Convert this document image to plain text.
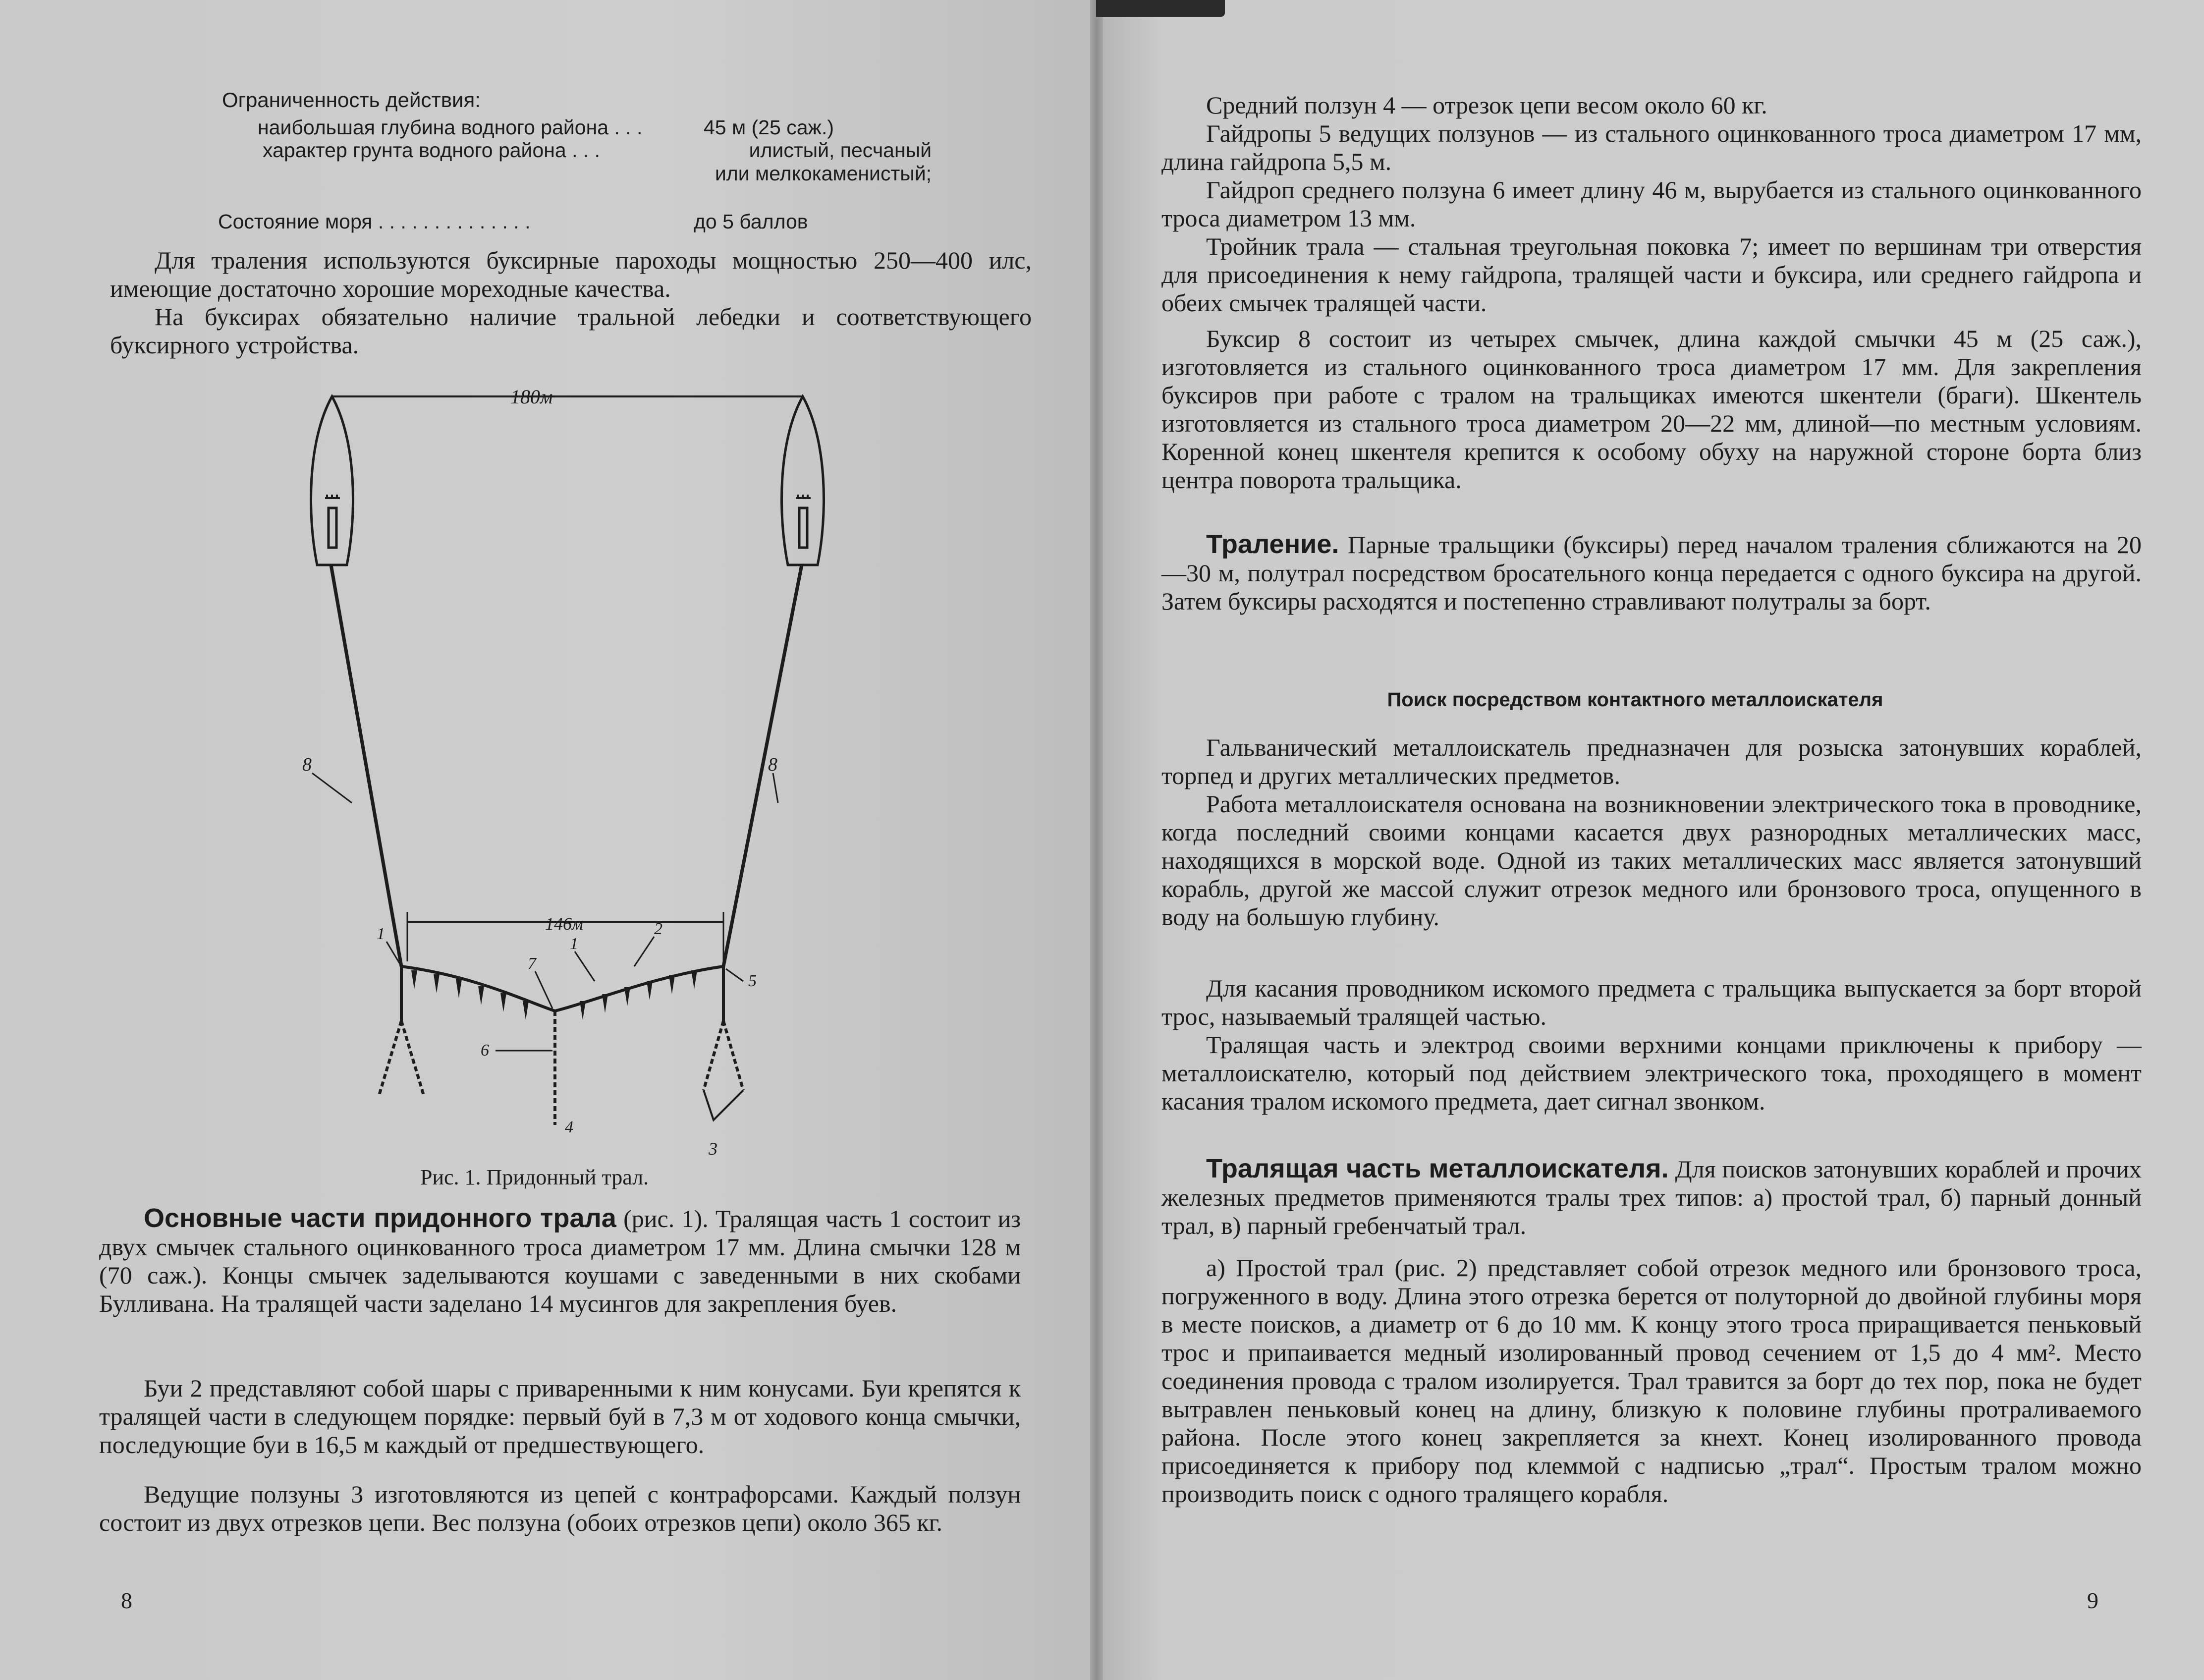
Ограниченность действия:
наибольшая глубина водного района . . .	45 м (25 саж.)
характер грунта водного района . . .	илистый, песчаный или мелкокаменистый;
Состояние моря . . . . . . . . . . . . . .	до 5 баллов

Для траления используются буксирные пароходы мощностью 250—400 илс, имеющие достаточно хорошие мореходные качества.

На буксирах обязательно наличие тральной лебедки и соответствующего буксирного устройства.

180м
146м
8	8
1	2
7
1
5
6
4
3
Рис. 1. Придонный трал.

Основные части придонного трала (рис. 1). Тралящая часть 1 состоит из двух смычек стального оцинкованного троса диаметром 17 мм. Длина смычки 128 м (70 саж.). Концы смычек заделываются коушами с заведенными в них скобами Булливана. На тралящей части заделано 14 мусингов для закрепления буев.

Буи 2 представляют собой шары с приваренными к ним конусами. Буи крепятся к тралящей части в следующем порядке: первый буй в 7,3 м от ходового конца смычки, последующие буи в 16,5 м каждый от предшествующего.

Ведущие ползуны 3 изготовляются из цепей с контрафорсами. Каждый ползун состоит из двух отрезков цепи. Вес ползуна (обоих отрезков цепи) около 365 кг.

8

Средний ползун 4 — отрезок цепи весом около 60 кг.

Гайдропы 5 ведущих ползунов — из стального оцинкованного троса диаметром 17 мм, длина гайдропа 5,5 м.

Гайдроп среднего ползуна 6 имеет длину 46 м, вырубается из стального оцинкованного троса диаметром 13 мм.

Тройник трала — стальная треугольная поковка 7; имеет по вершинам три отверстия для присоединения к нему гайдропа, тралящей части и буксира, или среднего гайдропа и обеих смычек тралящей части.

Буксир 8 состоит из четырех смычек, длина каждой смычки 45 м (25 саж.), изготовляется из стального оцинкованного троса диаметром 17 мм. Для закрепления буксиров при работе с тралом на тральщиках имеются шкентели (браги). Шкентель изготовляется из стального троса диаметром 20—22 мм, длиной—по местным условиям. Коренной конец шкентеля крепится к особому обуху на наружной стороне борта близ центра поворота тральщика.

Траление. Парные тральщики (буксиры) перед началом траления сближаются на 20—30 м, полутрал посредством бросательного конца передается с одного буксира на другой. Затем буксиры расходятся и постепенно стравливают полутралы за борт.

Поиск посредством контактного металлоискателя

Гальванический металлоискатель предназначен для розыска затонувших кораблей, торпед и других металлических предметов.

Работа металлоискателя основана на возникновении электрического тока в проводнике, когда последний своими концами касается двух разнородных металлических масс, находящихся в морской воде. Одной из таких металлических масс является затонувший корабль, другой же массой служит отрезок медного или бронзового троса, опущенного в воду на большую глубину.

Для касания проводником искомого предмета с тральщика выпускается за борт второй трос, называемый тралящей частью.

Тралящая часть и электрод своими верхними концами приключены к прибору — металлоискателю, который под действием электрического тока, проходящего в момент касания тралом искомого предмета, дает сигнал звонком.

Тралящая часть металлоискателя. Для поисков затонувших кораблей и прочих железных предметов применяются тралы трех типов: а) простой трал, б) парный донный трал, в) парный гребенчатый трал.

а) Простой трал (рис. 2) представляет собой отрезок медного или бронзового троса, погруженного в воду. Длина этого отрезка берется от полуторной до двойной глубины моря в месте поисков, а диаметр от 6 до 10 мм. К концу этого троса приращивается пеньковый трос и припаивается медный изолированный провод сечением от 1,5 до 4 мм². Место соединения провода с тралом изолируется. Трал травится за борт до тех пор, пока не будет вытравлен пеньковый конец на длину, близкую к половине глубины протраливаемого района. После этого конец закрепляется за кнехт. Конец изолированного провода присоединяется к прибору под клеммой с надписью „трал“. Простым тралом можно производить поиск с одного тралящего корабля.

9
